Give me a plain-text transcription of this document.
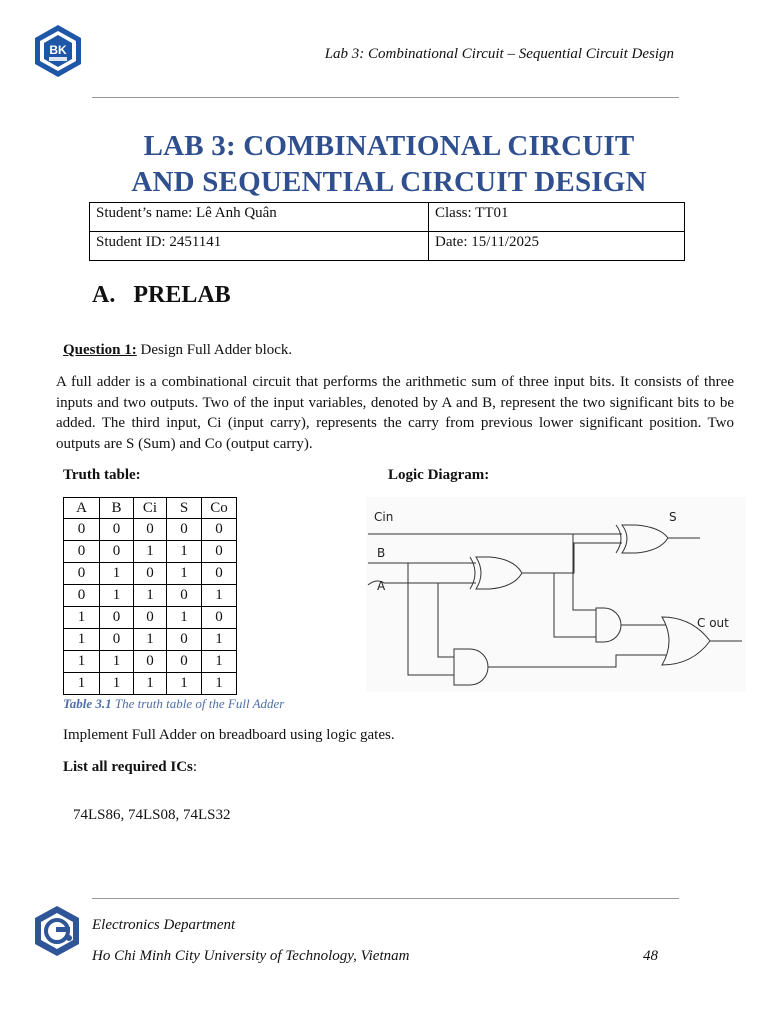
BK	Lab 3: Combinational Circuit – Sequential Circuit Design
LAB 3: COMBINATIONAL CIRCUIT
AND SEQUENTIAL CIRCUIT DESIGN
Student’s name: Lê Anh Quân	Class: TT01
Student ID: 2451141	Date: 15/11/2025
A.   PRELAB
Question 1: Design Full Adder block.
A full adder is a combinational circuit that performs the arithmetic sum of three input bits. It consists of three inputs and two outputs. Two of the input variables, denoted by A and B, represent the two significant bits to be added. The third input, Ci (input carry), represents the carry from previous lower significant position. Two outputs are S (Sum) and Co (output carry).
Truth table:
A	B	Ci	S	Co
0	0	0	0	0
0	0	1	1	0
0	1	0	1	0
0	1	1	0	1
1	0	0	1	0
1	0	1	0	1
1	1	0	0	1
1	1	1	1	1
Table 3.1 The truth table of the Full Adder
Logic Diagram:
Cin
B
A
S
C out
Implement Full Adder on breadboard using logic gates.
List all required ICs:
74LS86, 74LS08, 74LS32
Electronics Department
Ho Chi Minh City University of Technology, Vietnam	48
